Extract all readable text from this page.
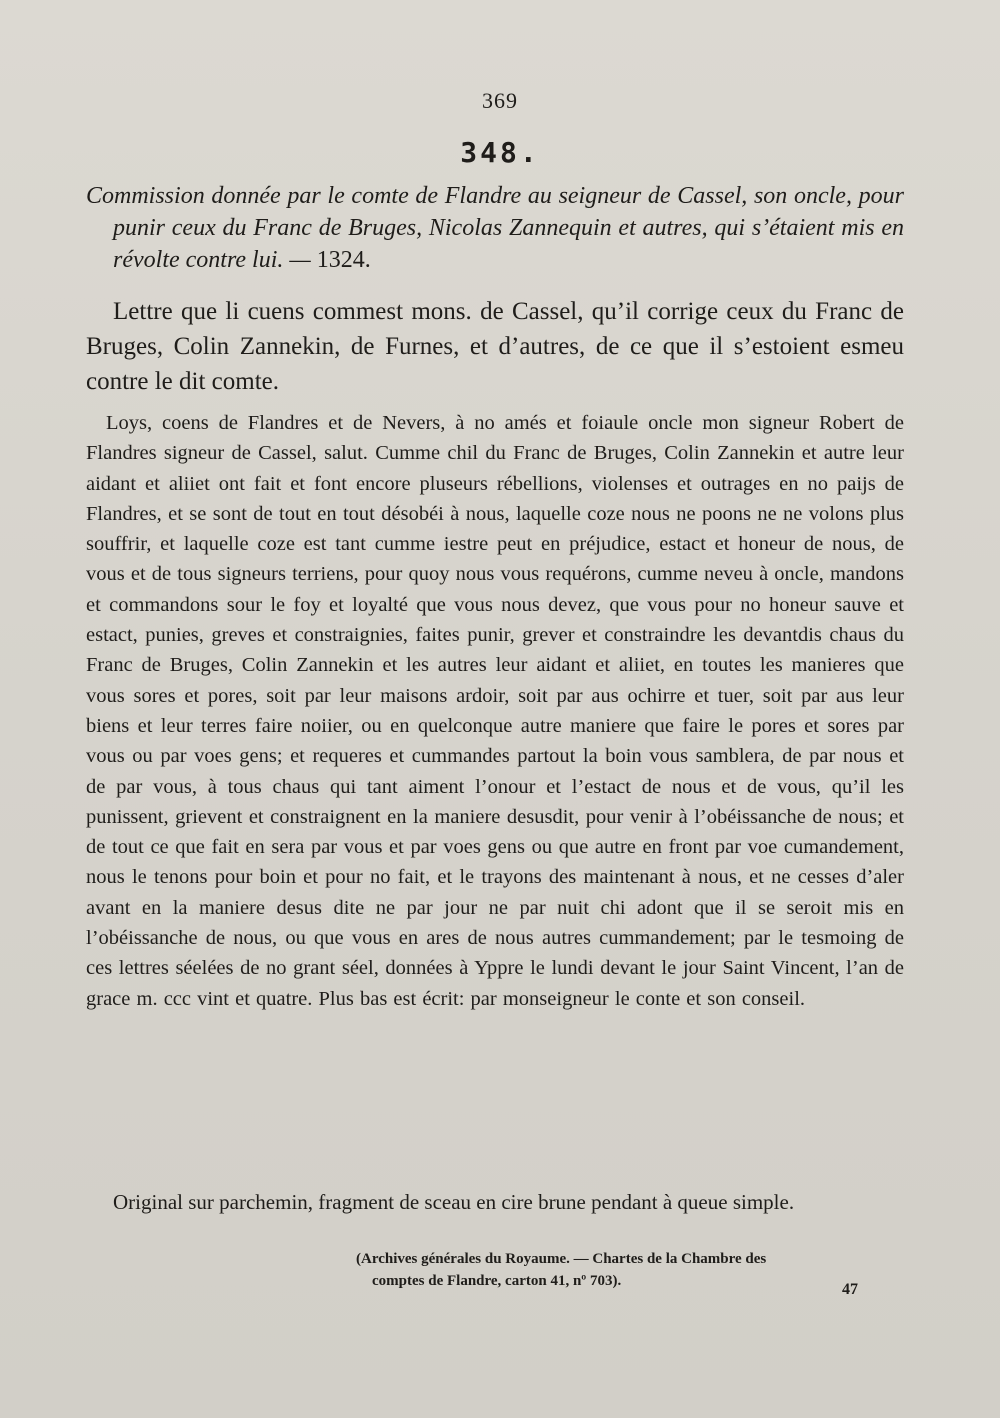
369
348.
Commission donnée par le comte de Flandre au seigneur de Cassel, son oncle, pour punir ceux du Franc de Bruges, Nicolas Zannequin et autres, qui s’étaient mis en révolte contre lui. — 1324.
Lettre que li cuens commest mons. de Cassel, qu’il corrige ceux du Franc de Bruges, Colin Zannekin, de Furnes, et d’autres, de ce que il s’estoient esmeu contre le dit comte.
Loys, coens de Flandres et de Nevers, à no amés et foiaule oncle mon signeur Robert de Flandres signeur de Cassel, salut. Cumme chil du Franc de Bruges, Colin Zannekin et autre leur aidant et aliiet ont fait et font encore pluseurs rébellions, violenses et outrages en no paijs de Flandres, et se sont de tout en tout désobéi à nous, laquelle coze nous ne poons ne ne volons plus souffrir, et laquelle coze est tant cumme iestre peut en préjudice, estact et honeur de nous, de vous et de tous signeurs terriens, pour quoy nous vous requérons, cumme neveu à oncle, mandons et commandons sour le foy et loyalté que vous nous devez, que vous pour no honeur sauve et estact, punies, greves et constraignies, faites punir, grever et constraindre les devantdis chaus du Franc de Bruges, Colin Zannekin et les autres leur aidant et aliiet, en toutes les manieres que vous sores et pores, soit par leur maisons ardoir, soit par aus ochirre et tuer, soit par aus leur biens et leur terres faire noiier, ou en quelconque autre maniere que faire le pores et sores par vous ou par voes gens; et requeres et cummandes partout la boin vous samblera, de par nous et de par vous, à tous chaus qui tant aiment l’onour et l’estact de nous et de vous, qu’il les punissent, grievent et constraignent en la maniere desusdit, pour venir à l’obéissanche de nous; et de tout ce que fait en sera par vous et par voes gens ou que autre en front par voe cumandement, nous le tenons pour boin et pour no fait, et le trayons des maintenant à nous, et ne cesses d’aler avant en la maniere desus dite ne par jour ne par nuit chi adont que il se seroit mis en l’obéissanche de nous, ou que vous en ares de nous autres cummandement; par le tesmoing de ces lettres séelées de no grant séel, données à Yppre le lundi devant le jour Saint Vincent, l’an de grace m. ccc vint et quatre. Plus bas est écrit: par monseigneur le conte et son conseil.
Original sur parchemin, fragment de sceau en cire brune pendant à queue simple.
(Archives générales du Royaume. — Chartes de la Chambre des
comptes de Flandre, carton 41, nº 703).	47
